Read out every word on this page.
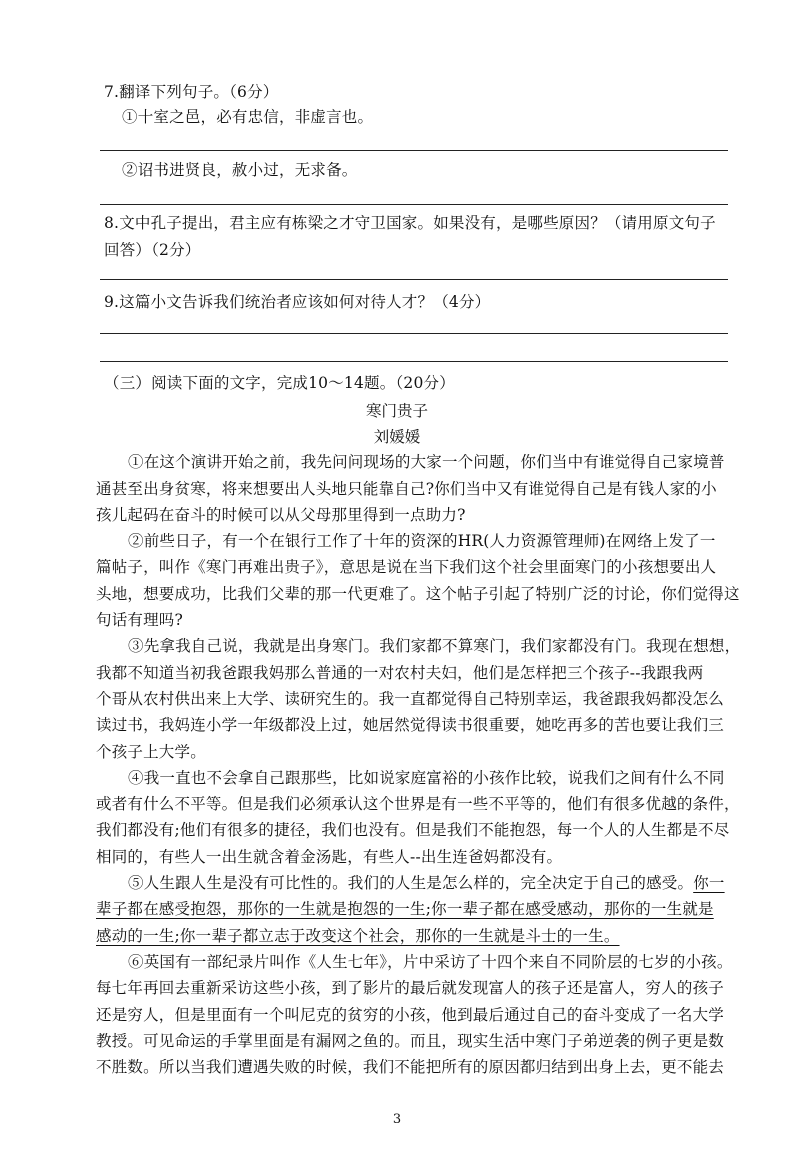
7.翻译下列句子。（6分）
①十室之邑，必有忠信，非虚言也。
②诏书进贤良，赦小过，无求备。
8.文中孔子提出，君主应有栋梁之才守卫国家。如果没有，是哪些原因？（请用原文句子
回答）（2分）
9.这篇小文告诉我们统治者应该如何对待人才？（4分）
（三）阅读下面的文字，完成10～14题。（20分）
寒门贵子
刘媛媛
①在这个演讲开始之前，我先问问现场的大家一个问题，你们当中有谁觉得自己家境普
通甚至出身贫寒，将来想要出人头地只能靠自己?你们当中又有谁觉得自己是有钱人家的小
孩儿起码在奋斗的时候可以从父母那里得到一点助力?
②前些日子，有一个在银行工作了十年的资深的HR(人力资源管理师)在网络上发了一
篇帖子，叫作《寒门再难出贵子》，意思是说在当下我们这个社会里面寒门的小孩想要出人
头地，想要成功，比我们父辈的那一代更难了。这个帖子引起了特别广泛的讨论，你们觉得这
句话有理吗?
③先拿我自己说，我就是出身寒门。我们家都不算寒门，我们家都没有门。我现在想想，
我都不知道当初我爸跟我妈那么普通的一对农村夫妇，他们是怎样把三个孩子--我跟我两
个哥从农村供出来上大学、读研究生的。我一直都觉得自己特别幸运，我爸跟我妈都没怎么
读过书，我妈连小学一年级都没上过，她居然觉得读书很重要，她吃再多的苦也要让我们三
个孩子上大学。
④我一直也不会拿自己跟那些，比如说家庭富裕的小孩作比较，说我们之间有什么不同
或者有什么不平等。但是我们必须承认这个世界是有一些不平等的，他们有很多优越的条件，
我们都没有;他们有很多的捷径，我们也没有。但是我们不能抱怨，每一个人的人生都是不尽
相同的，有些人一出生就含着金汤匙，有些人--出生连爸妈都没有。
⑤人生跟人生是没有可比性的。我们的人生是怎么样的，完全决定于自己的感受。你一
辈子都在感受抱怨，那你的一生就是抱怨的一生;你一辈子都在感受感动，那你的一生就是
感动的一生;你一辈子都立志于改变这个社会，那你的一生就是斗士的一生。
⑥英国有一部纪录片叫作《人生七年》，片中采访了十四个来自不同阶层的七岁的小孩。
每七年再回去重新采访这些小孩，到了影片的最后就发现富人的孩子还是富人，穷人的孩子
还是穷人，但是里面有一个叫尼克的贫穷的小孩，他到最后通过自己的奋斗变成了一名大学
教授。可见命运的手掌里面是有漏网之鱼的。而且，现实生活中寒门子弟逆袭的例子更是数
不胜数。所以当我们遭遇失败的时候，我们不能把所有的原因都归结到出身上去，更不能去
3
